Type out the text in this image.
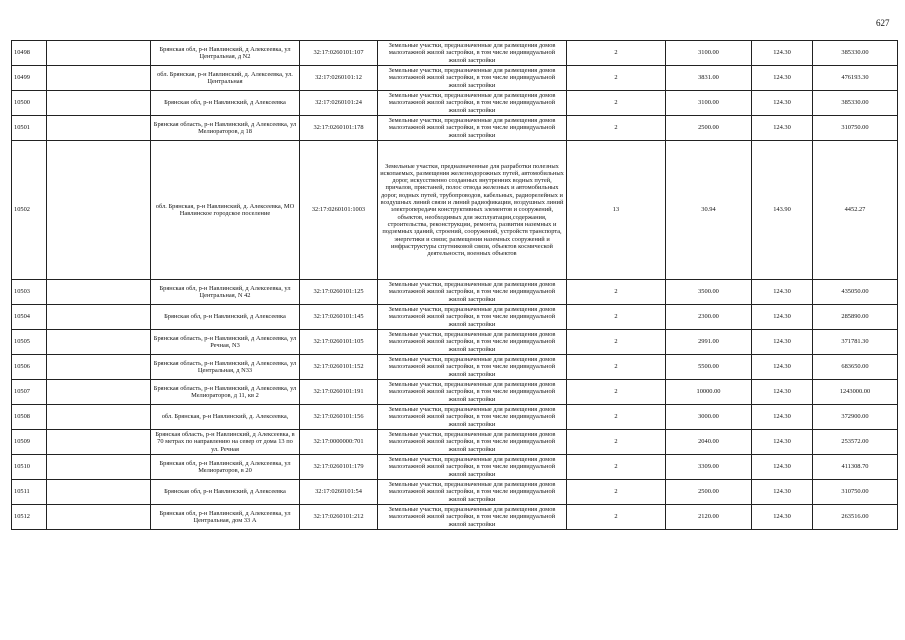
627
10498		Брянская обл, р-н Навлинский, д Алексеевка, ул Центральная, д N2	32:17:0260101:107	Земельные участки, предназначенные для размещения домов малоэтажной жилой застройки, в том числе индивидуальной жилой застройки	2	3100.00	124.30	385330.00
10499		обл. Брянская, р-н Навлинский, д. Алексеевка, ул. Центральная	32:17:0260101:12	Земельные участки, предназначенные для размещения домов малоэтажной жилой застройки, в том числе индивидуальной жилой застройки	2	3831.00	124.30	476193.30
10500		Брянская обл, р-н Навлинский, д Алексеевка	32:17:0260101:24	Земельные участки, предназначенные для размещения домов малоэтажной жилой застройки, в том числе индивидуальной жилой застройки	2	3100.00	124.30	385330.00
10501		Брянская область, р-н Навлинский, д Алексеевка, ул Мелиораторов, д 18	32:17:0260101:178	Земельные участки, предназначенные для размещения домов малоэтажной жилой застройки, в том числе индивидуальной жилой застройки	2	2500.00	124.30	310750.00
10502		обл. Брянская, р-н Навлинский, д. Алексеевка, МО Навлинское городское поселение	32:17:0260101:1003	Земельные участки, предназначенные для разработки полезных ископаемых, размещения железнодорожных путей, автомобильных дорог, искусственно созданных внутренних водных путей, причалов, пристаней, полос отвода железных и автомобильных дорог, водных путей, трубопроводов, кабельных, радиорелейных и воздушных линий связи и линий радиофикации, воздушных линий электропередачи конструктивных элементов и сооружений, объектов, необходимых для эксплуатации,содержания, строительства, реконструкции, ремонта, развития наземных и подземных зданий, строений, сооружений, устройств транспорта, энергетики и связи; размещения наземных сооружений и инфраструктуры спутниковой связи, объектов космической деятельности, военных объектов	13	30.94	143.90	4452.27
10503		Брянская обл, р-н Навлинский, д Алексеевка, ул Центральная, N 42	32:17:0260101:125	Земельные участки, предназначенные для размещения домов малоэтажной жилой застройки, в том числе индивидуальной жилой застройки	2	3500.00	124.30	435050.00
10504		Брянская обл, р-н Навлинский, д Алексеевка	32:17:0260101:145	Земельные участки, предназначенные для размещения домов малоэтажной жилой застройки, в том числе индивидуальной жилой застройки	2	2300.00	124.30	285890.00
10505		Брянская область, р-н Навлинский, д Алексеевка, ул Речная, N3	32:17:0260101:105	Земельные участки, предназначенные для размещения домов малоэтажной жилой застройки, в том числе индивидуальной жилой застройки	2	2991.00	124.30	371781.30
10506		Брянская область, р-н Навлинский, д Алексеевка, ул Центральная, д N33	32:17:0260101:152	Земельные участки, предназначенные для размещения домов малоэтажной жилой застройки, в том числе индивидуальной жилой застройки	2	5500.00	124.30	683650.00
10507		Брянская область, р-н Навлинский, д Алексеевка, ул Мелиораторов, д 11, кв 2	32:17:0260101:191	Земельные участки, предназначенные для размещения домов малоэтажной жилой застройки, в том числе индивидуальной жилой застройки	2	10000.00	124.30	1243000.00
10508		обл. Брянская, р-н Навлинский, д. Алексеевка,	32:17:0260101:156	Земельные участки, предназначенные для размещения домов малоэтажной жилой застройки, в том числе индивидуальной жилой застройки	2	3000.00	124.30	372900.00
10509		Брянская область, р-н Навлинский, д Алексеевка, в 70 метрах по направлению на север от дома 13 по ул. Речная	32:17:0000000:701	Земельные участки, предназначенные для размещения домов малоэтажной жилой застройки, в том числе индивидуальной жилой застройки	2	2040.00	124.30	253572.00
10510		Брянская обл, р-н Навлинский, д Алексеевка, ул Мелиораторов, в 20	32:17:0260101:179	Земельные участки, предназначенные для размещения домов малоэтажной жилой застройки, в том числе индивидуальной жилой застройки	2	3309.00	124.30	411308.70
10511		Брянская обл, р-н Навлинский, д Алексеевка	32:17:0260101:54	Земельные участки, предназначенные для размещения домов малоэтажной жилой застройки, в том числе индивидуальной жилой застройки	2	2500.00	124.30	310750.00
10512		Брянская обл, р-н Навлинский, д Алексеевка, ул Центральная, дом 33 А	32:17:0260101:212	Земельные участки, предназначенные для размещения домов малоэтажной жилой застройки, в том числе индивидуальной жилой застройки	2	2120.00	124.30	263516.00
